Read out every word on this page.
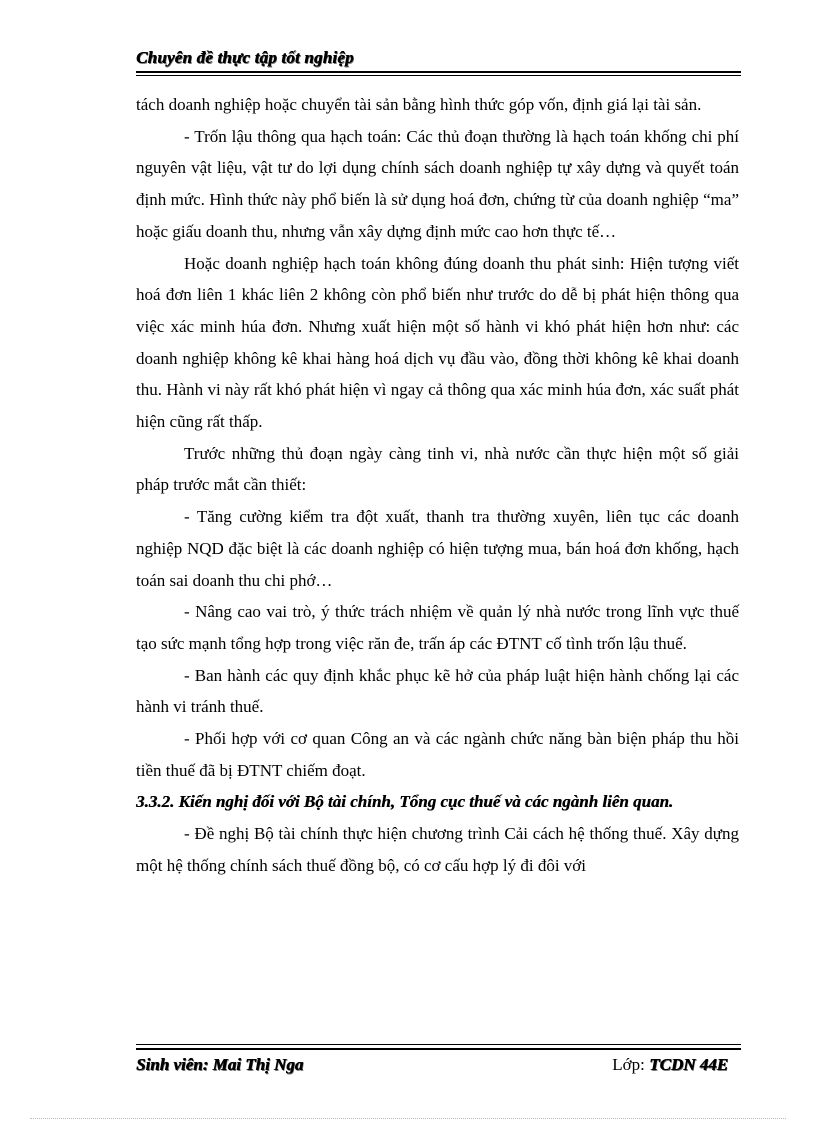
Chuyên đề thực tập tốt nghiệp

tách doanh nghiệp hoặc chuyển tài sản bằng hình thức góp vốn, định giá lại tài sản.

- Trốn lậu thông qua hạch toán: Các thủ đoạn thường là hạch toán khống chi phí nguyên vật liệu, vật tư do lợi dụng chính sách doanh nghiệp tự xây dựng và quyết toán định mức. Hình thức này phổ biến là sử dụng hoá đơn, chứng từ của doanh nghiệp “ma” hoặc giấu doanh thu, nhưng vẫn xây dựng định mức cao hơn thực tế…

Hoặc doanh nghiệp hạch toán không đúng doanh thu phát sinh: Hiện tượng viết hoá đơn liên 1 khác liên 2 không còn phổ biến như trước do dễ bị phát hiện thông qua việc xác minh húa đơn. Nhưng xuất hiện một số hành vi khó phát hiện hơn như: các doanh nghiệp không kê khai hàng hoá dịch vụ đầu vào, đồng thời không kê khai doanh thu. Hành vi này rất khó phát hiện vì ngay cả thông qua xác minh húa đơn, xác suất phát hiện cũng rất thấp.

Trước những thủ đoạn ngày càng tinh vi, nhà nước cần thực hiện một số giải pháp trước mắt cần thiết:

- Tăng cường kiểm tra đột xuất, thanh tra thường xuyên, liên tục các doanh nghiệp NQD đặc biệt là các doanh nghiệp có hiện tượng mua, bán hoá đơn khống, hạch toán sai doanh thu chi phớ…

- Nâng cao vai trò, ý thức trách nhiệm về quản lý nhà nước trong lĩnh vực thuế tạo sức mạnh tổng hợp trong việc răn đe, trấn áp các ĐTNT cố tình trốn lậu thuế.

- Ban hành các quy định khắc phục kẽ hở của pháp luật hiện hành chống lại các hành vi tránh thuế.

- Phối hợp với cơ quan Công an và các ngành chức năng bàn biện pháp thu hồi tiền thuế đã bị ĐTNT chiếm đoạt.

3.3.2. Kiến nghị đối với Bộ tài chính, Tổng cục thuế và các ngành liên quan.

- Đề nghị Bộ tài chính thực hiện chương trình Cải cách hệ thống thuế. Xây dựng một hệ thống chính sách thuế đồng bộ, có cơ cấu hợp lý đi đôi với

Sinh viên: Mai Thị Nga	Lớp: TCDN 44E
